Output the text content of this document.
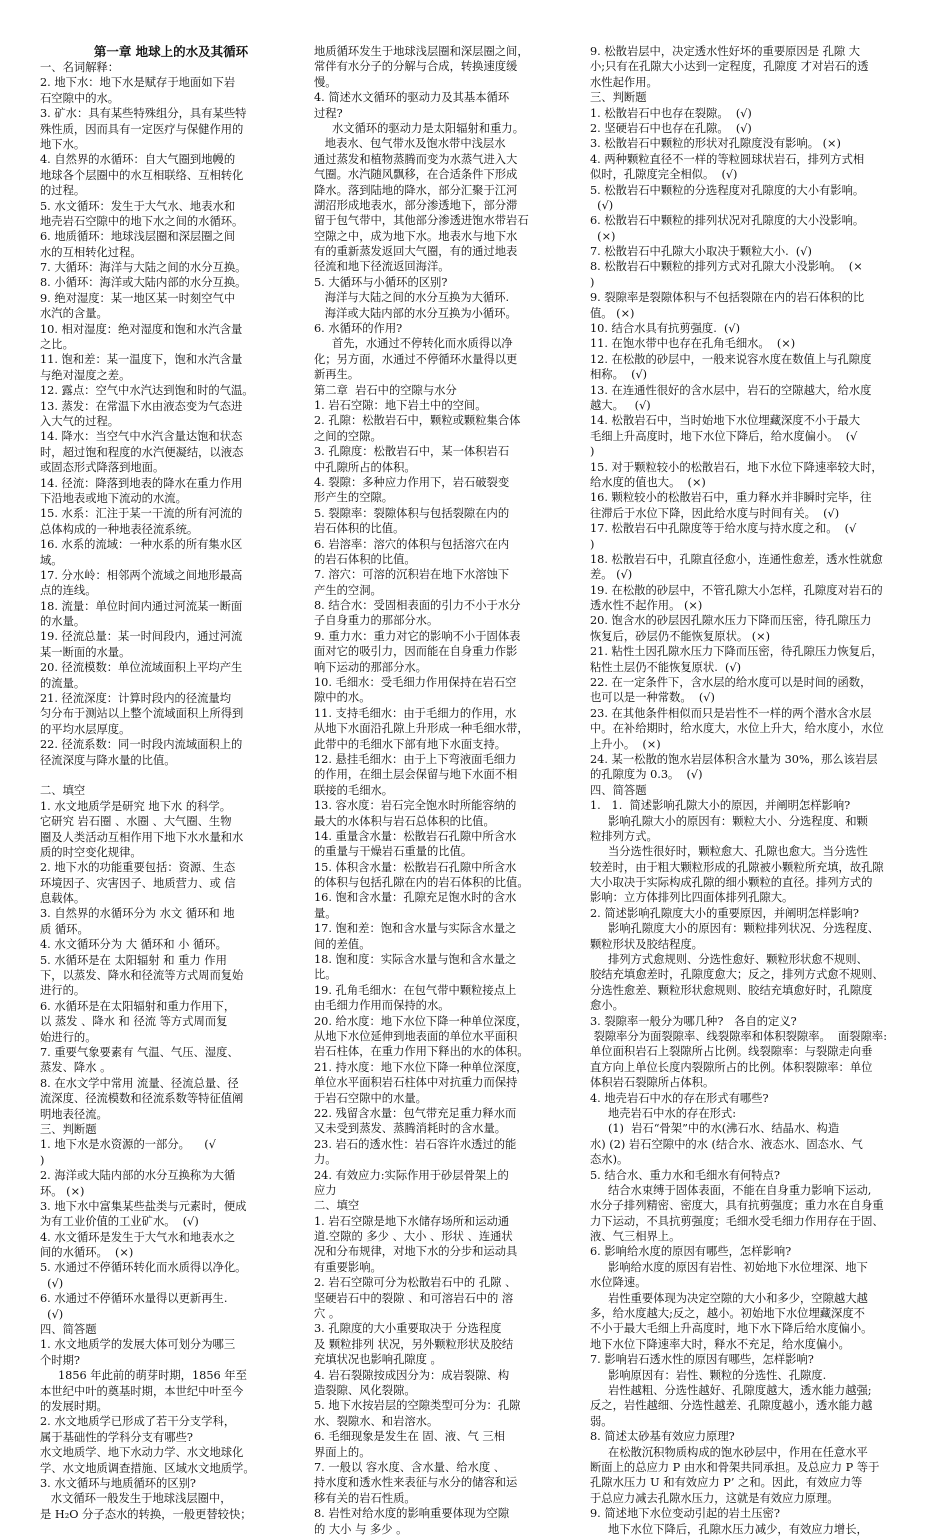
第一章 地球上的水及其循环
一、名词解释：
2. 地下水：地下水是赋存于地面如下岩
石空隙中的水。
3. 矿水：具有某些特殊组分，具有某些特
殊性质，因而具有一定医疗与保健作用的
地下水。
4. 自然界的水循环：自大气圈到地幔的
地球各个层圈中的水互相联络、互相转化
的过程。
5. 水文循环：发生于大气水、地表水和
地壳岩石空隙中的地下水之间的水循环。
6. 地质循环：地球浅层圈和深层圈之间
水的互相转化过程。
7. 大循环：海洋与大陆之间的水分互换。
8. 小循环：海洋或大陆内部的水分互换。
9. 绝对湿度：某一地区某一时刻空气中
水汽的含量。
10. 相对湿度：绝对湿度和饱和水汽含量
之比。
11. 饱和差：某一温度下，饱和水汽含量
与绝对湿度之差。
12. 露点：空气中水汽达到饱和时的气温。
13. 蒸发：在常温下水由液态变为气态进
入大气的过程。
14. 降水：当空气中水汽含量达饱和状态
时，超过饱和程度的水汽便凝结，以液态
或固态形式降落到地面。
14. 径流：降落到地表的降水在重力作用
下沿地表或地下流动的水流。
15. 水系：汇注于某一干流的所有河流的
总体构成的一种地表径流系统。
16. 水系的流域：一种水系的所有集水区
域。
17. 分水岭：相邻两个流域之间地形最高
点的连线。
18. 流量：单位时间内通过河流某一断面
的水量。
19. 径流总量：某一时间段内，通过河流
某一断面的水量。
20. 径流模数：单位流域面积上平均产生
的流量。
21. 径流深度：计算时段内的径流量均
匀分布于测站以上整个流域面积上所得到
的平均水层厚度。
22. 径流系数：同一时段内流域面积上的
径流深度与降水量的比值。
二、填空
1. 水文地质学是研究 地下水 的科学。
它研究 岩石圈 、水圈 、大气圈、生物
圈及人类活动互相作用下地下水水量和水
质的时空变化规律。
2. 地下水的功能重要包括：资源、生态
环境因子、灾害因子、地质营力、或 信
息载体。
3. 自然界的水循环分为 水文 循环和 地
质 循环。
4. 水文循环分为 大 循环和 小 循环。
5. 水循环是在 太阳辐射 和 重力 作用
下，以蒸发、降水和径流等方式周而复始
进行的。
6. 水循环是在太阳辐射和重力作用下，
以 蒸发 、降水 和 径流 等方式周而复
始进行的。
7. 重要气象要素有 气温、气压、湿度、
蒸发、降水 。
8. 在水文学中常用 流量、径流总量、径
流深度、径流模数和径流系数等特征值阐
明地表径流。
三、判断题
1. 地下水是水资源的一部分。    (√
)
2. 海洋或大陆内部的水分互换称为大循
环。 (×)
3. 地下水中富集某些盐类与元素时，便成
为有工业价值的工业矿水。  (√)
4. 水文循环是发生于大气水和地表水之
间的水循环。  (×)
5. 水通过不停循环转化而水质得以净化。
(√)
6. 水通过不停循环水量得以更新再生.
(√)
四、简答题
1. 水文地质学的发展大体可划分为哪三
个时期?
1856 年此前的萌芽时期，1856 年至
本世纪中叶的奠基时期，本世纪中叶至今
的发展时期。
2. 水文地质学已形成了若干分支学科，
属于基础性的学科分支有哪些?
水文地质学、地下水动力学、水文地球化
学、水文地质调查措施、区域水文地质学。
3. 水文循环与地质循环的区别?
水文循环一般发生于地球浅层圈中，
是 H₂O 分子态水的转换，一般更替较快；
地质循环发生于地球浅层圈和深层圈之间，
常伴有水分子的分解与合成，转换速度缓
慢。
4. 简述水文循环的驱动力及其基本循环
过程?
水文循环的驱动力是太阳辐射和重力。
地表水、包气带水及饱水带中浅层水
通过蒸发和植物蒸腾而变为水蒸气进入大
气圈。水汽随风飘移，在合适条件下形成
降水。落到陆地的降水，部分汇聚于江河
湖沼形成地表水，部分渗透地下，部分滞
留于包气带中，其他部分渗透进饱水带岩石
空隙之中，成为地下水。地表水与地下水
有的重新蒸发返回大气圈，有的通过地表
径流和地下径流返回海洋。
5. 大循环与小循环的区别?
海洋与大陆之间的水分互换为大循环.
海洋或大陆内部的水分互换为小循环。
6. 水循环的作用?
首先，水通过不停转化而水质得以净
化；另方面，水通过不停循环水量得以更
新再生。
第二章  岩石中的空隙与水分
1. 岩石空隙：地下岩土中的空间。
2. 孔隙：松散岩石中，颗粒或颗粒集合体
之间的空隙。
3. 孔隙度：松散岩石中，某一体积岩石
中孔隙所占的体积。
4. 裂隙：多种应力作用下，岩石破裂变
形产生的空隙。
5. 裂隙率：裂隙体积与包括裂隙在内的
岩石体积的比值。
6. 岩溶率：溶穴的体积与包括溶穴在内
的岩石体积的比值。
7. 溶穴：可溶的沉积岩在地下水溶蚀下
产生的空洞。
8. 结合水：受固相表面的引力不小于水分
子自身重力的那部分水。
9. 重力水：重力对它的影响不小于固体表
面对它的吸引力，因而能在自身重力作影
响下运动的那部分水。
10. 毛细水：受毛细力作用保持在岩石空
隙中的水。
11. 支持毛细水：由于毛细力的作用，水
从地下水面沿孔隙上升形成一种毛细水带，
此带中的毛细水下部有地下水面支持。
12. 悬挂毛细水：由于上下弯液面毛细力
的作用，在细土层会保留与地下水面不相
联接的毛细水。
13. 容水度：岩石完全饱水时所能容纳的
最大的水体积与岩石总体积的比值。
14. 重量含水量：松散岩石孔隙中所含水
的重量与干燥岩石重量的比值。
15. 体积含水量：松散岩石孔隙中所含水
的体积与包括孔隙在内的岩石体积的比值。
16. 饱和含水量：孔隙充足饱水时的含水
量。
17. 饱和差：饱和含水量与实际含水量之
间的差值。
18. 饱和度：实际含水量与饱和含水量之
比。
19. 孔角毛细水：在包气带中颗粒接点上
由毛细力作用而保持的水。
20. 给水度：地下水位下降一种单位深度，
从地下水位延伸到地表面的单位水平面积
岩石柱体，在重力作用下释出的水的体积。
21. 持水度：地下水位下降一种单位深度，
单位水平面积岩石柱体中对抗重力而保持
于岩石空隙中的水量。
22. 残留含水量：包气带充足重力释水而
又未受到蒸发、蒸腾消耗时的含水量。
23. 岩石的透水性：岩石容许水透过的能
力。
24. 有效应力:实际作用于砂层骨架上的
应力
二、填空
1. 岩石空隙是地下水储存场所和运动通
道.空隙的 多少 、大小 、形状 、连通状
况和分布规律，对地下水的分步和运动具
有重要影响。
2. 岩石空隙可分为松散岩石中的 孔隙 、
坚硬岩石中的裂隙 、和可溶岩石中的 溶
穴 。
3. 孔隙度的大小重要取决于 分选程度
及 颗粒排列 状况，另外颗粒形状及胶结
充填状况也影响孔隙度 。
4. 岩石裂隙按成因分为：成岩裂隙、构
造裂隙、风化裂隙。
5. 地下水按岩层的空隙类型可分为：孔隙
水、裂隙水、和岩溶水。
6. 毛细现象是发生在 固、液、气 三相
界面上的。
7. 一般以 容水度、含水量、给水度 、
持水度和透水性来表征与水分的储容和运
移有关的岩石性质。
8. 岩性对给水度的影响重要体现为空隙
的 大小 与 多少 。
9. 松散岩层中，决定透水性好坏的重要原因是 孔隙 大
小;只有在孔隙大小达到一定程度，孔隙度 才对岩石的透
水性起作用。
三、判断题
1. 松散岩石中也存在裂隙。  (√)
2. 坚硬岩石中也存在孔隙。  (√)
3. 松散岩石中颗粒的形状对孔隙度没有影响。 (×)
4. 两种颗粒直径不一样的等粒圆球状岩石，排列方式相
似时，孔隙度完全相似。  (√)
5. 松散岩石中颗粒的分选程度对孔隙度的大小有影响。
(√)
6. 松散岩石中颗粒的排列状况对孔隙度的大小没影响。
(×)
7. 松散岩石中孔隙大小取决于颗粒大小.  (√)
8. 松散岩石中颗粒的排列方式对孔隙大小没影响。  (×
)
9. 裂隙率是裂隙体积与不包括裂隙在内的岩石体积的比
值。 (×)
10. 结合水具有抗剪强度.  (√)
11. 在饱水带中也存在孔角毛细水。  (×)
12. 在松散的砂层中，一般来说容水度在数值上与孔隙度
相称。  (√)
13. 在连通性很好的含水层中，岩石的空隙越大，给水度
越大。   (√)
14. 松散岩石中，当时始地下水位埋藏深度不小于最大
毛细上升高度时，地下水位下降后，给水度偏小。  (√
)
15. 对于颗粒较小的松散岩石，地下水位下降速率较大时，
给水度的值也大。  (×)
16. 颗粒较小的松散岩石中，重力释水并非瞬时完毕，往
往滞后于水位下降，因此给水度与时间有关。  (√)
17. 松散岩石中孔隙度等于给水度与持水度之和。  (√
)
18. 松散岩石中，孔隙直径愈小，连通性愈差，透水性就愈
差。 (√)
19. 在松散的砂层中，不管孔隙大小怎样，孔隙度对岩石的
透水性不起作用。 (×)
20. 饱含水的砂层因孔隙水压力下降而压密，待孔隙压力
恢复后，砂层仍不能恢复原状。 (×)
21. 粘性土因孔隙水压力下降而压密，待孔隙压力恢复后，
粘性土层仍不能恢复原状.  (√)
22. 在一定条件下，含水层的给水度可以是时间的函数，
也可以是一种常数。  (√)
23. 在其他条件相似而只是岩性不一样的两个潜水含水层
中。在补给期时，给水度大，水位上升大，给水度小，水位
上升小。  (×)
24. 某一松散的饱水岩层体积含水量为 30%，那么该岩层
的孔隙度为 0.3。  (√)
四、简答题
1.   1.  简述影响孔隙大小的原因，并阐明怎样影响?
影响孔隙大小的原因有：颗粒大小、分选程度、和颗
粒排列方式。
当分选性很好时，颗粒愈大、孔隙也愈大。当分选性
较差时，由于粗大颗粒形成的孔隙被小颗粒所充填，故孔隙
大小取决于实际构成孔隙的细小颗粒的直径。排列方式的
影响：立方体排列比四面体排列孔隙大。
2. 简述影响孔隙度大小的重要原因，并阐明怎样影响?
影响孔隙度大小的原因有：颗粒排列状况、分选程度、
颗粒形状及胶结程度。
排列方式愈规则、分选性愈好、颗粒形状愈不规则、
胶结充填愈差时，孔隙度愈大；反之，排列方式愈不规则、
分选性愈差、颗粒形状愈规则、胶结充填愈好时，孔隙度
愈小。
3. 裂隙率一般分为哪几种?   各自的定义?
裂隙率分为面裂隙率、线裂隙率和体积裂隙率。  面裂隙率:
单位面积岩石上裂隙所占比例。线裂隙率：与裂隙走向垂
直方向上单位长度内裂隙所占的比例。体积裂隙率：单位
体积岩石裂隙所占体积。
4. 地壳岩石中水的存在形式有哪些?
地壳岩石中水的存在形式:
(1)  岩石“骨架”中的水(沸石水、结晶水、构造
水) (2) 岩石空隙中的水 (结合水、液态水、固态水、气
态水)。
5. 结合水、重力水和毛细水有何特点?
结合水束缚于固体表面，不能在自身重力影响下运动,
水分子排列精密、密度大，具有抗剪强度；重力水在自身重
力下运动，不具抗剪强度；毛细水受毛细力作用存在于固、
液、气三相界上。
6. 影响给水度的原因有哪些，怎样影响?
影响给水度的原因有岩性、初始地下水位埋深、地下
水位降速。
岩性重要体现为决定空隙的大小和多少，空隙越大越
多，给水度越大;反之，越小。初始地下水位埋藏深度不
不小于最大毛细上升高度时，地下水下降后给水度偏小。
地下水位下降速率大时，释水不充足，给水度偏小。
7. 影响岩石透水性的原因有哪些，怎样影响?
影响原因有：岩性、颗粒的分选性、孔隙度.
岩性越粗、分选性越好、孔隙度越大，透水能力越强;
反之，岩性越细、分选性越差、孔隙度越小，透水能力越
弱。
8. 简述太砂基有效应力原理?
在松散沉积物质构成的饱水砂层中，作用在任意水平
断面上的总应力 P 由水和骨架共同承担。及总应力 P 等于
孔隙水压力 U 和有效应力 P’ 之和。因此，有效应力等
于总应力减去孔隙水压力，这就是有效应力原理。
9. 简述地下水位变动引起的岩土压密?
地下水位下降后，孔隙水压力减少，有效应力增长，
